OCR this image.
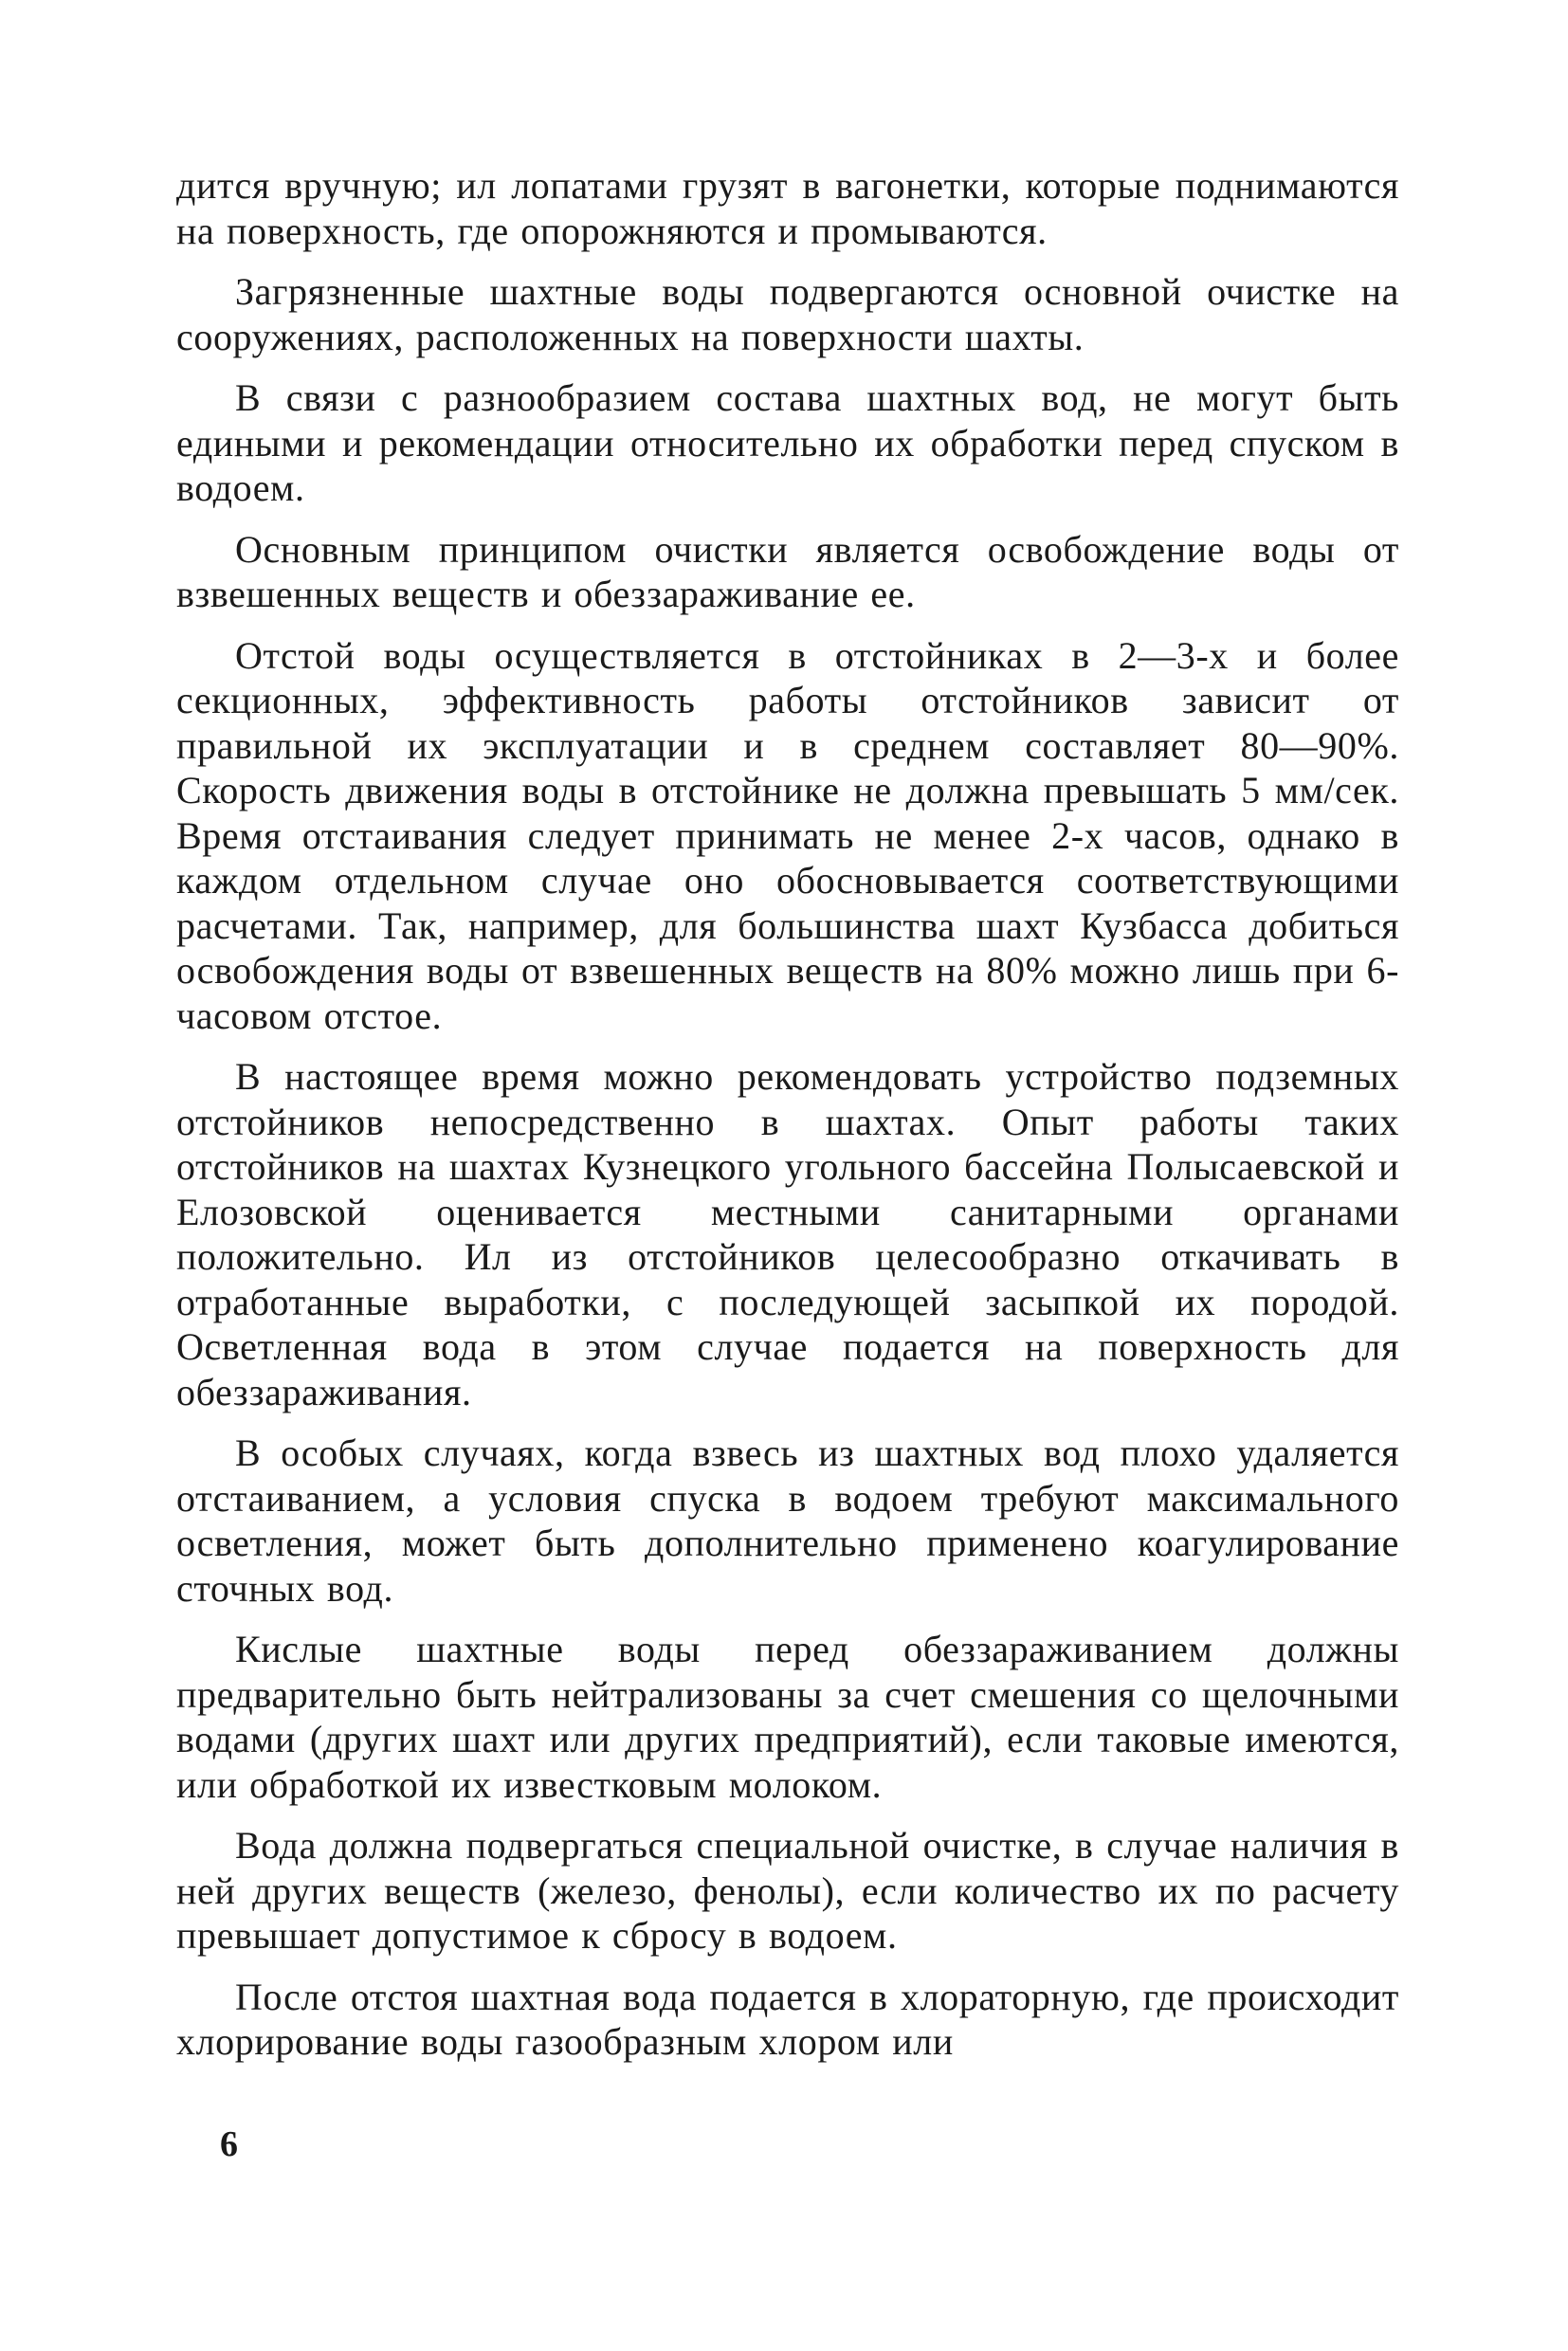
дится вручную; ил лопатами грузят в вагонетки, которые поднимаются на поверхность, где опорожняются и промываются.

Загрязненные шахтные воды подвергаются основной очистке на сооружениях, расположенных на поверхности шахты.

В связи с разнообразием состава шахтных вод, не могут быть едиными и рекомендации относительно их обработки перед спуском в водоем.

Основным принципом очистки является освобождение воды от взвешенных веществ и обеззараживание ее.

Отстой воды осуществляется в отстойниках в 2—3-х и более секционных, эффективность работы отстойников зависит от правильной их эксплуатации и в среднем составляет 80—90%. Скорость движения воды в отстойнике не должна превышать 5 мм/сек. Время отстаивания следует принимать не менее 2-х часов, однако в каждом отдельном случае оно обосновывается соответствующими расчетами. Так, например, для большинства шахт Кузбасса добиться освобождения воды от взвешенных веществ на 80% можно лишь при 6-часовом отстое.

В настоящее время можно рекомендовать устройство подземных отстойников непосредственно в шахтах. Опыт работы таких отстойников на шахтах Кузнецкого угольного бассейна Полысаевской и Елозовской оценивается местными санитарными органами положительно. Ил из отстойников целесообразно откачивать в отработанные выработки, с последующей засыпкой их породой. Осветленная вода в этом случае подается на поверхность для обеззараживания.

В особых случаях, когда взвесь из шахтных вод плохо удаляется отстаиванием, а условия спуска в водоем требуют максимального осветления, может быть дополнительно применено коагулирование сточных вод.

Кислые шахтные воды перед обеззараживанием должны предварительно быть нейтрализованы за счет смешения со щелочными водами (других шахт или других предприятий), если таковые имеются, или обработкой их известковым молоком.

Вода должна подвергаться специальной очистке, в случае наличия в ней других веществ (железо, фенолы), если количество их по расчету превышает допустимое к сбросу в водоем.

После отстоя шахтная вода подается в хлораторную, где происходит хлорирование воды газообразным хлором или

6
